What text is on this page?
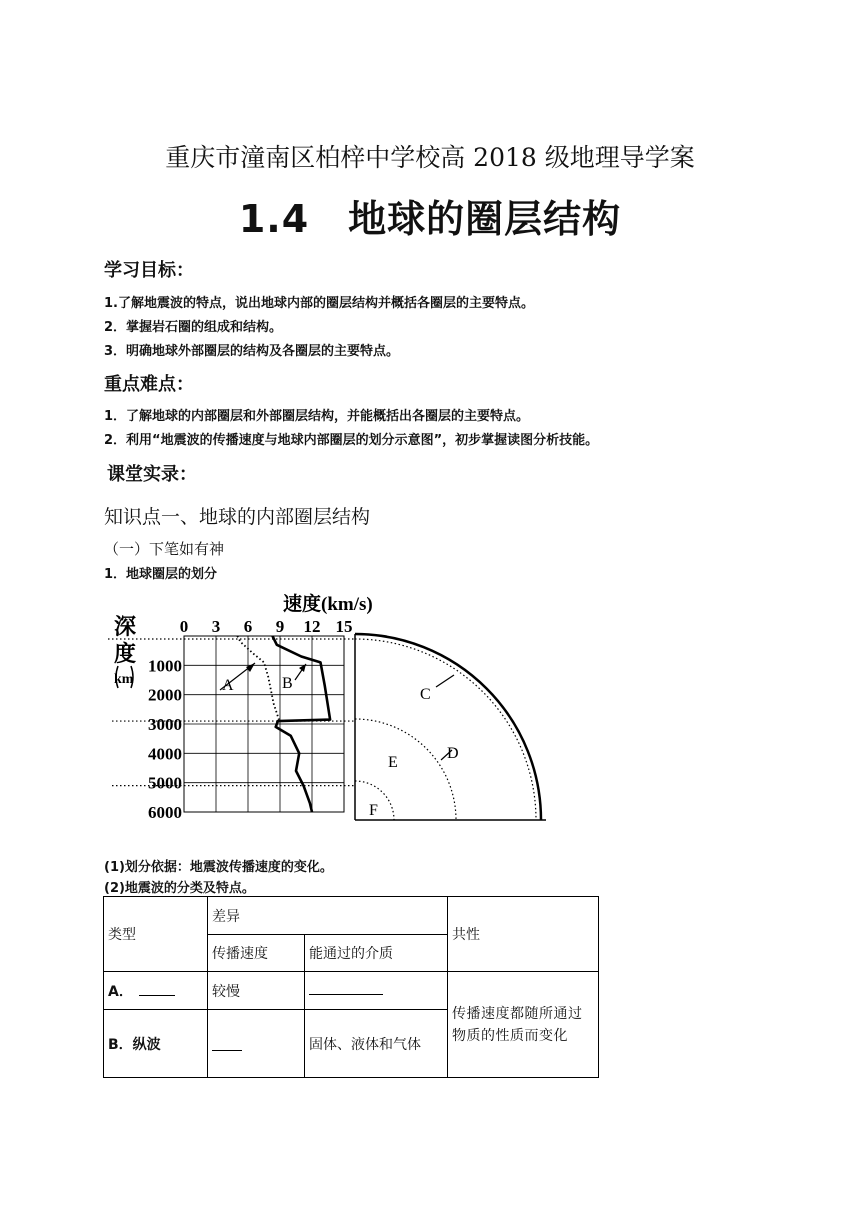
重庆市潼南区柏梓中学校高 2018 级地理导学案
1.4　地球的圈层结构
学习目标：
1.了解地震波的特点，说出地球内部的圈层结构并概括各圈层的主要特点。
2．掌握岩石圈的组成和结构。
3．明确地球外部圈层的结构及各圈层的主要特点。
重点难点：
1．了解地球的内部圈层和外部圈层结构，并能概括出各圈层的主要特点。
2．利用“地震波的传播速度与地球内部圈层的划分示意图”，初步掌握读图分析技能。
课堂实录：
知识点一、地球的内部圈层结构
（一）下笔如有神
1．地球圈层的划分
速度(km/s)
深
度
km
0 3 6 9 12 15
1000
2000
3000
4000
5000
6000
A	B
C
D
E
F
(1)划分依据：地震波传播速度的变化。
(2)地震波的分类及特点。
类型	差异		共性
	传播速度	能通过的介质	
A．	较慢		传播速度都随所通过物质的性质而变化
B．纵波		固体、液体和气体	
